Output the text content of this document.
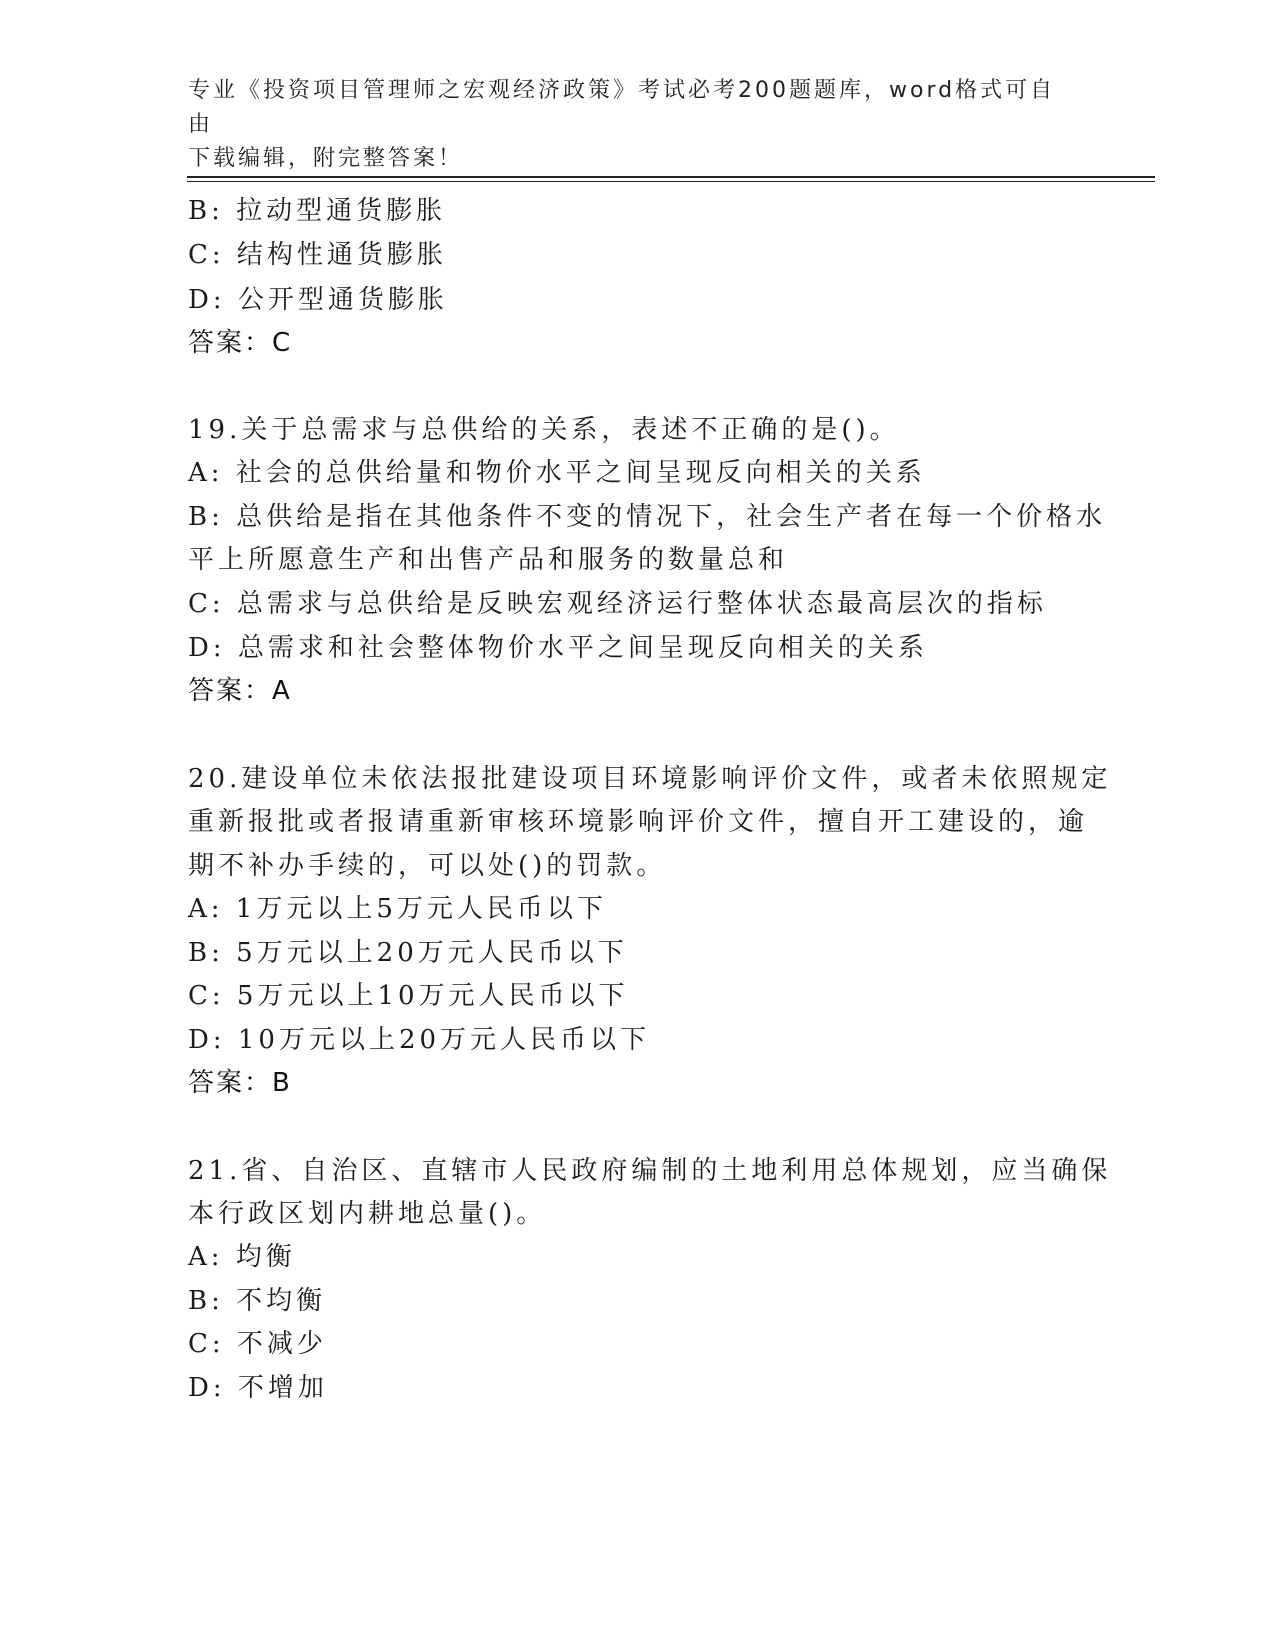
专业《投资项目管理师之宏观经济政策》考试必考200题题库，word格式可自由
下载编辑，附完整答案！
B: 拉动型通货膨胀
C: 结构性通货膨胀
D: 公开型通货膨胀
答案：C
19.关于总需求与总供给的关系，表述不正确的是()。
A: 社会的总供给量和物价水平之间呈现反向相关的关系
B: 总供给是指在其他条件不变的情况下，社会生产者在每一个价格水
平上所愿意生产和出售产品和服务的数量总和
C: 总需求与总供给是反映宏观经济运行整体状态最高层次的指标
D: 总需求和社会整体物价水平之间呈现反向相关的关系
答案：A
20.建设单位未依法报批建设项目环境影响评价文件，或者未依照规定
重新报批或者报请重新审核环境影响评价文件，擅自开工建设的，逾
期不补办手续的，可以处()的罚款。
A: 1万元以上5万元人民币以下
B: 5万元以上20万元人民币以下
C: 5万元以上10万元人民币以下
D: 10万元以上20万元人民币以下
答案：B
21.省、自治区、直辖市人民政府编制的土地利用总体规划，应当确保
本行政区划内耕地总量()。
A: 均衡
B: 不均衡
C: 不减少
D: 不增加
